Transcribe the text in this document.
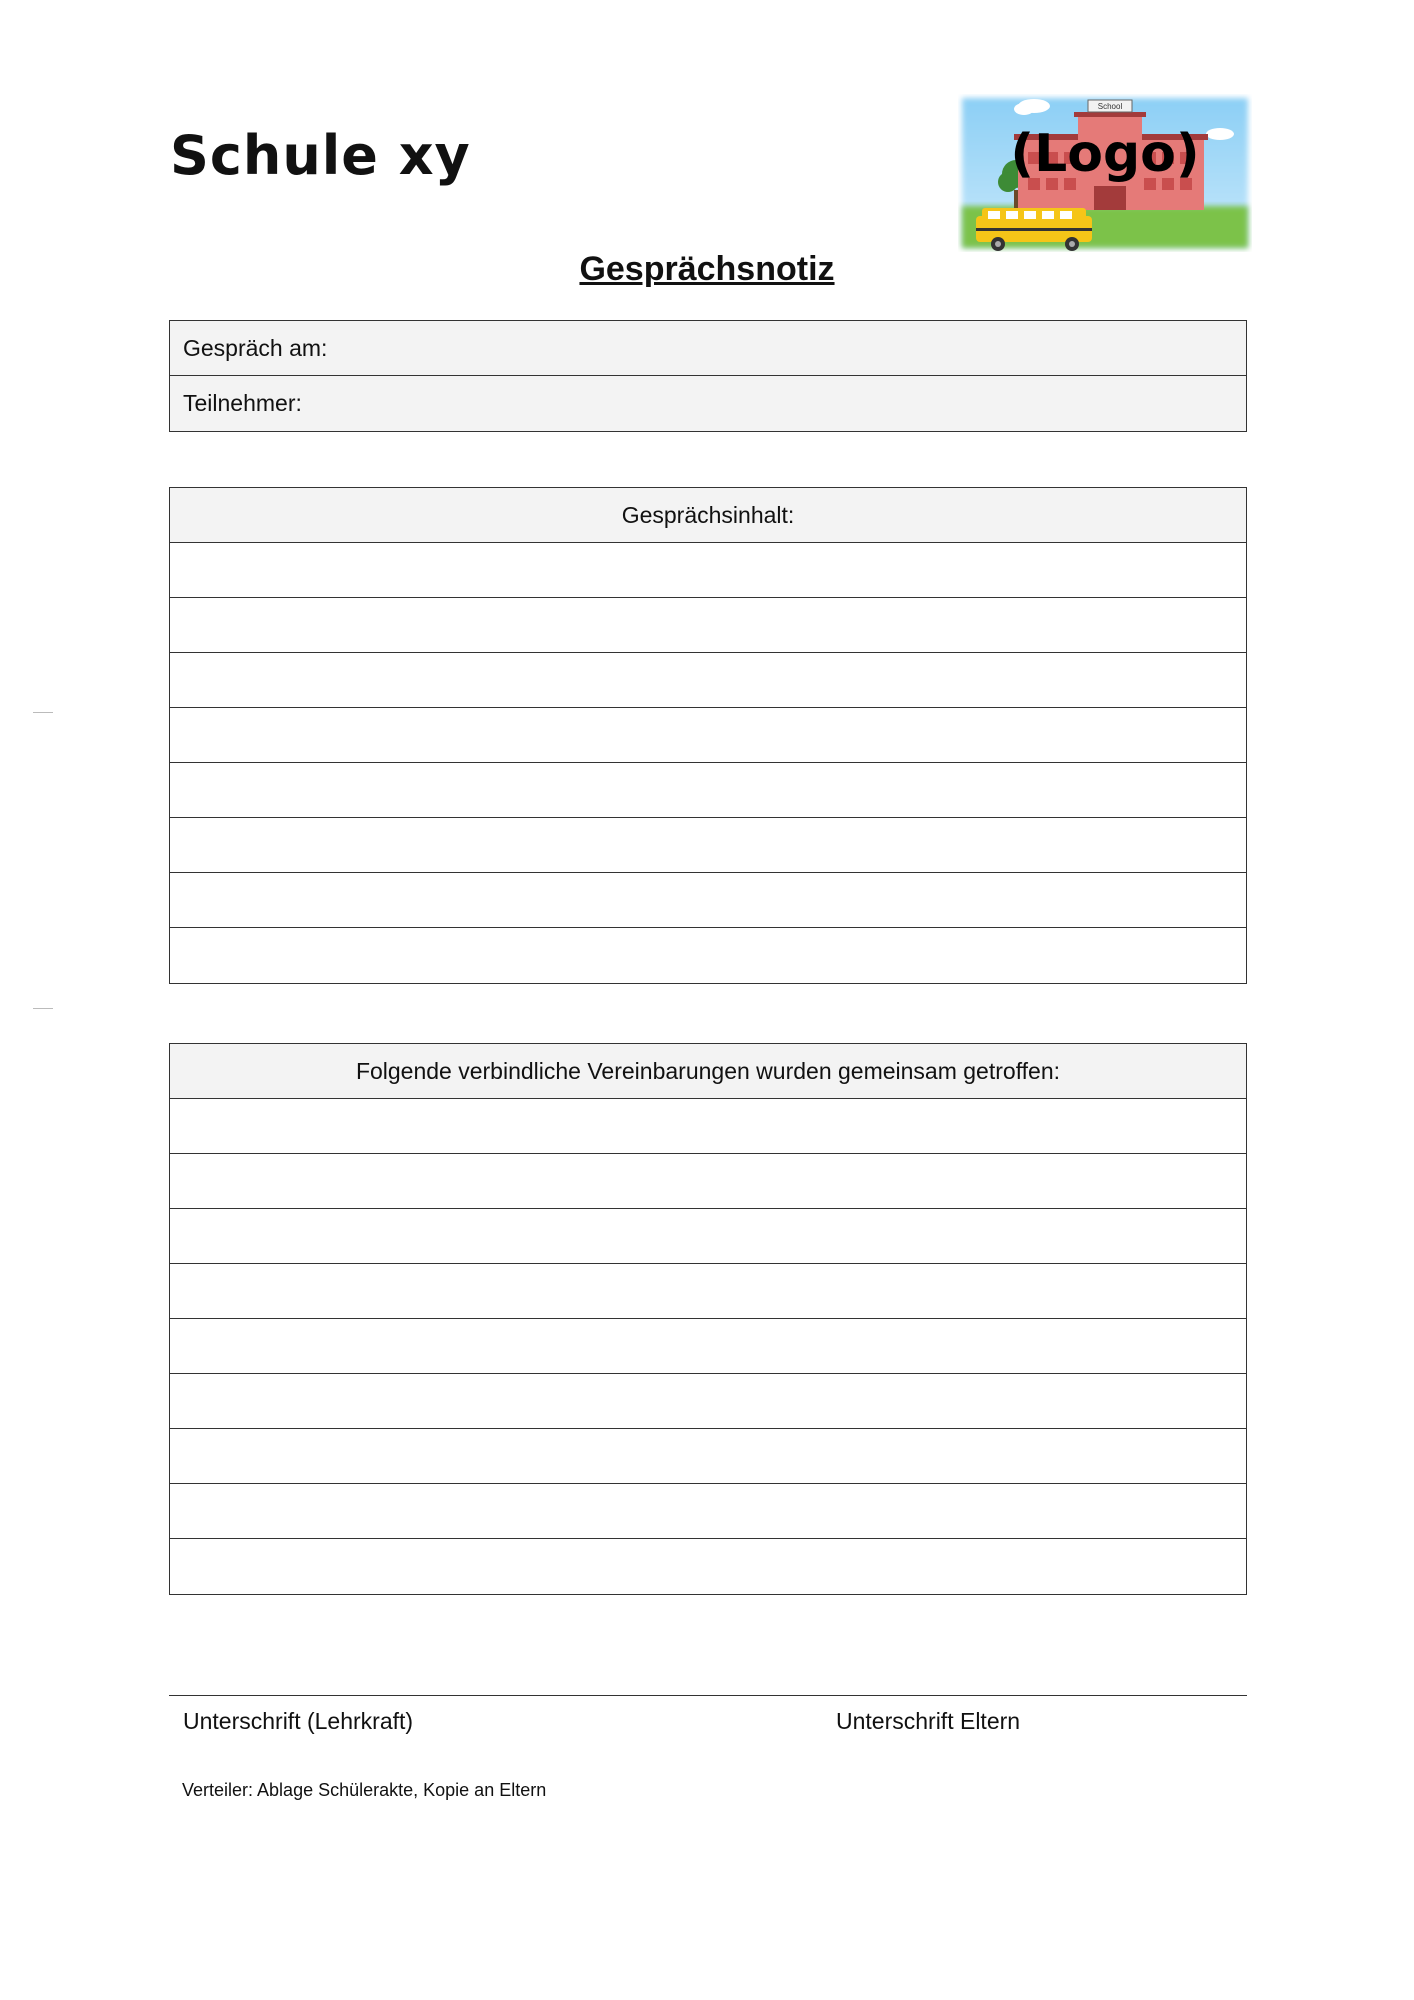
Schule xy
School
(Logo)
Gesprächsnotiz
Gespräch am:
Teilnehmer:
Gesprächsinhalt:
Folgende verbindliche Vereinbarungen wurden gemeinsam getroffen:
Unterschrift (Lehrkraft)	Unterschrift Eltern
Verteiler: Ablage Schülerakte, Kopie an Eltern
